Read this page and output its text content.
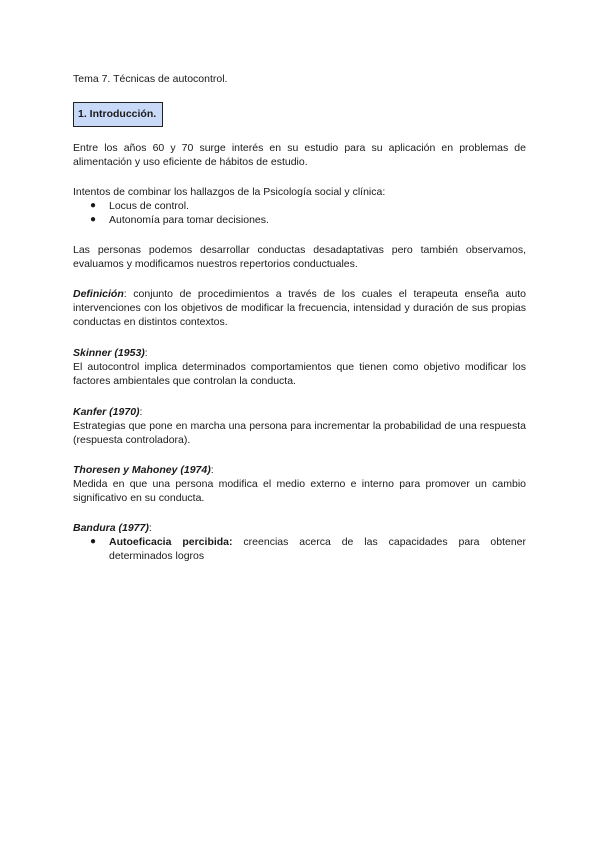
Tema 7. Técnicas de autocontrol.
1. Introducción.
Entre los años 60 y 70 surge interés en su estudio para su aplicación en problemas de alimentación y uso eficiente de hábitos de estudio.
Intentos de combinar los hallazgos de la Psicología social y clínica:
● Locus de control.
● Autonomía para tomar decisiones.
Las personas podemos desarrollar conductas desadaptativas pero también observamos, evaluamos y modificamos nuestros repertorios conductuales.
Definición: conjunto de procedimientos a través de los cuales el terapeuta enseña auto intervenciones con los objetivos de modificar la frecuencia, intensidad y duración de sus propias conductas en distintos contextos.
Skinner (1953):
El autocontrol implica determinados comportamientos que tienen como objetivo modificar los factores ambientales que controlan la conducta.
Kanfer (1970):
Estrategias que pone en marcha una persona para incrementar la probabilidad de una respuesta (respuesta controladora).
Thoresen y Mahoney (1974):
Medida en que una persona modifica el medio externo e interno para promover un cambio significativo en su conducta.
Bandura (1977):
● Autoeficacia percibida: creencias acerca de las capacidades para obtener determinados logros
